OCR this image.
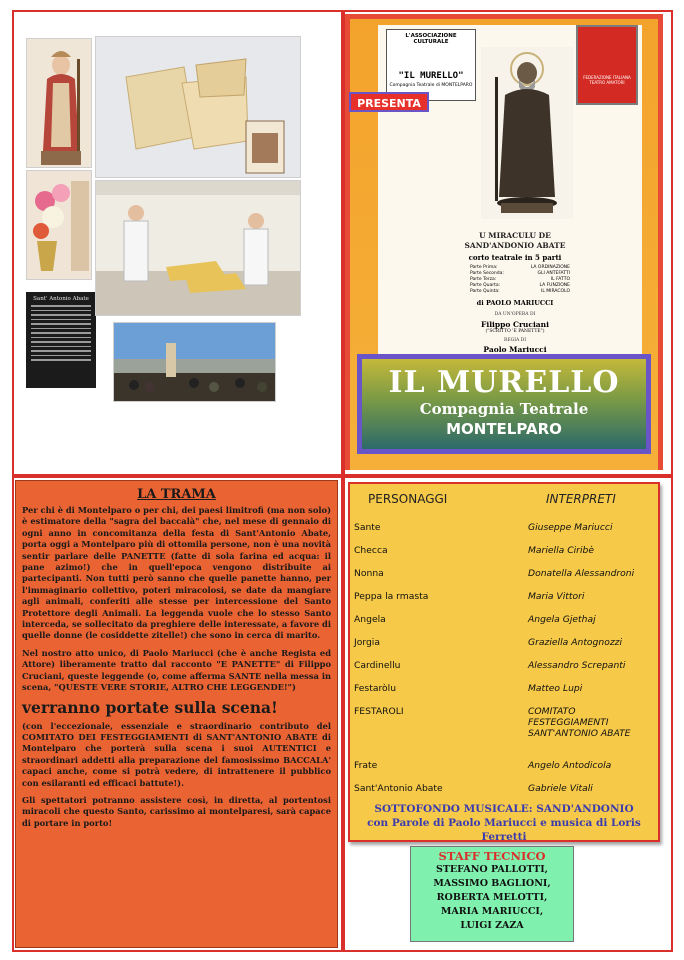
Sant' Antonio Abate
L'ASSOCIAZIONE CULTURALE
"IL MURELLO"
Compagnia Teatrale di MONTELPARO
FEDERAZIONE ITALIANA TEATRO AMATORI
U MIRACULU DE
SAND'ANDONIO ABATE
corto teatrale in 5 parti
Parte Prima:	LA ORDINAZIONE
Parte Seconda:	GLI ANTEFATTI
Parte Terza:	IL FATTO
Parte Quarta:	LA FUNZIONE
Parte Quinta:	IL MIRACOLO
di PAOLO MARIUCCI
DA UN'OPERA DI
Filippo Cruciani
("SCRITTO 'E PANETTE")
REGIA DI
Paolo Mariucci
PRESENTA
IL MURELLO
Compagnia Teatrale
MONTELPARO
LA TRAMA

Per chi è di Montelparo o per chi, dei paesi limitrofi (ma non solo) è estimatore della "sagra del baccalà" che, nel mese di gennaio di ogni anno in concomitanza della festa di Sant'Antonio Abate, porta oggi a Montelparo più di ottomila persone, non è una novità sentir parlare delle PANETTE (fatte di sola farina ed acqua: il pane azimo!) che in quell'epoca vengono distribuite ai partecipanti. Non tutti però sanno che quelle panette hanno, per l'immaginario collettivo, poteri miracolosi, se date da mangiare agli animali, conferiti alle stesse per intercessione del Santo Protettore degli Animali. La leggenda vuole che lo stesso Santo interceda, se sollecitato da preghiere delle interessate, a favore di quelle donne (le cosiddette zitelle!) che sono in cerca di marito.

Nel nostro atto unico, di Paolo Mariucci (che è anche Regista ed Attore) liberamente tratto dal racconto "E PANETTE" di Filippo Cruciani, queste leggende (o, come afferma SANTE nella messa in scena, "QUESTE VERE STORIE, ALTRO CHE LEGGENDE!")

verranno portate sulla scena!

(con l'eccezionale, essenziale e straordinario contributo del COMITATO DEI FESTEGGIAMENTI di SANT'ANTONIO ABATE di Montelparo che porterà sulla scena i suoi AUTENTICI e straordinari addetti alla preparazione del famosissimo BACCALA' capaci anche, come si potrà vedere, di intrattenere il pubblico con esilaranti ed efficaci battute!).

Gli spettatori potranno assistere così, in diretta, al portentosi miracoli che questo Santo, carissimo ai montelparesi, sarà capace di portare in porto!

PERSONAGGI	INTERPRETI
Sante	Giuseppe Mariucci
Checca	Mariella Ciribè
Nonna	Donatella Alessandroni
Peppa la rmasta	Maria Vittori
Angela	Angela Gjethaj
Jorgia	Graziella Antognozzi
Cardinellu	Alessandro Screpanti
Festaròlu	Matteo Lupi
FESTAROLI	COMITATO FESTEGGIAMENTI SANT'ANTONIO ABATE
Frate	Angelo Antodicola
Sant'Antonio Abate	Gabriele Vitali
SOTTOFONDO MUSICALE: SAND'ANDONIO
con Parole di Paolo Mariucci e musica di Loris Ferretti
STAFF TECNICO
STEFANO PALLOTTI,
MASSIMO BAGLIONI,
ROBERTA MELOTTI,
MARIA MARIUCCI,
LUIGI ZAZA
